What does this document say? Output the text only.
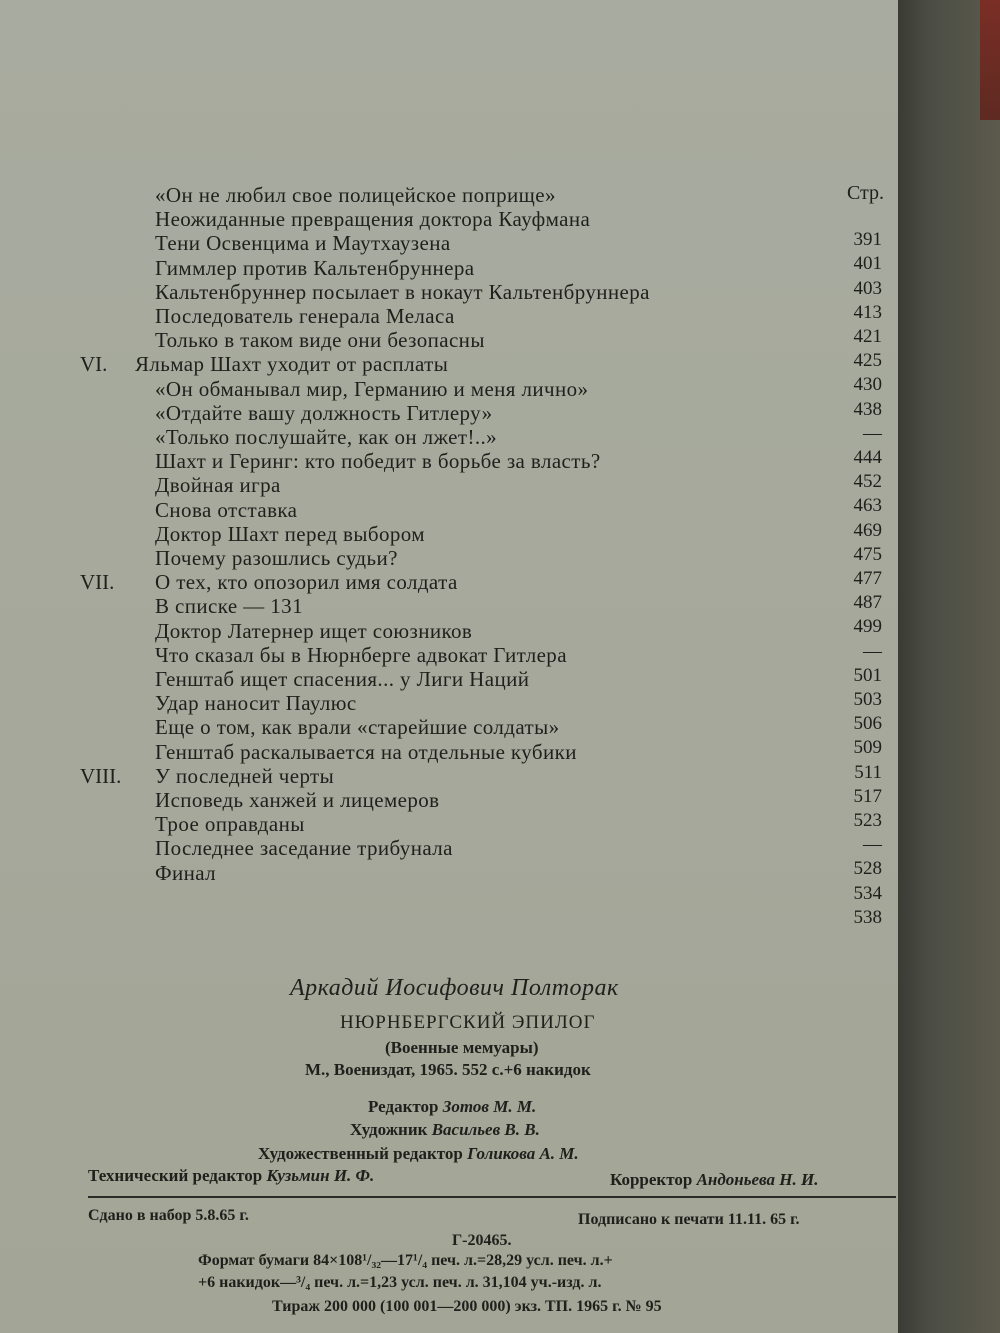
Стр.
«Он не любил свое полицейское поприще»
Неожиданные превращения доктора Кауфмана
391
Тени Освенцима и Маутхаузена
401
Гиммлер против Кальтенбруннера
403
Кальтенбруннер посылает в нокаут Кальтенбруннера
413
Последователь генерала Меласа
421
Только в таком виде они безопасны
425
VI. Яльмар Шахт уходит от расплаты
430
«Он обманывал мир, Германию и меня лично»
438
«Отдайте вашу должность Гитлеру»
—
«Только послушайте, как он лжет!..»
444
Шахт и Геринг: кто победит в борьбе за власть?
452
Двойная игра
463
Снова отставка
469
Доктор Шахт перед выбором
475
Почему разошлись судьи?
477
VII. О тех, кто опозорил имя солдата
487
В списке — 131
499
Доктор Латернер ищет союзников
—
Что сказал бы в Нюрнберге адвокат Гитлера
501
Генштаб ищет спасения... у Лиги Наций
503
Удар наносит Паулюс
506
Еще о том, как врали «старейшие солдаты»
509
Генштаб раскалывается на отдельные кубики
511
VIII. У последней черты
517
Исповедь ханжей и лицемеров
523
Трое оправданы
—
Последнее заседание трибунала
528
Финал
534
538
Аркадий Иосифович Полторак
НЮРНБЕРГСКИЙ ЭПИЛОГ
(Военные мемуары)
М., Воениздат, 1965. 552 с.+6 накидок
Редактор Зотов М. М.
Художник Васильев В. В.
Художественный редактор Голикова А. М.
Технический редактор Кузьмин И. Ф.	Корректор Андоньева Н. И.
Сдано в набор 5.8.65 г.	Подписано к печати 11.11. 65 г.
Г-20465.
Формат бумаги 84×108¹/₃₂—17¹/₄ печ. л.=28,29 усл. печ. л.+
+6 накидок—³/₄ печ. л.=1,23 усл. печ. л. 31,104 уч.-изд. л.
Тираж 200 000 (100 001—200 000) экз. ТП. 1965 г. № 95
